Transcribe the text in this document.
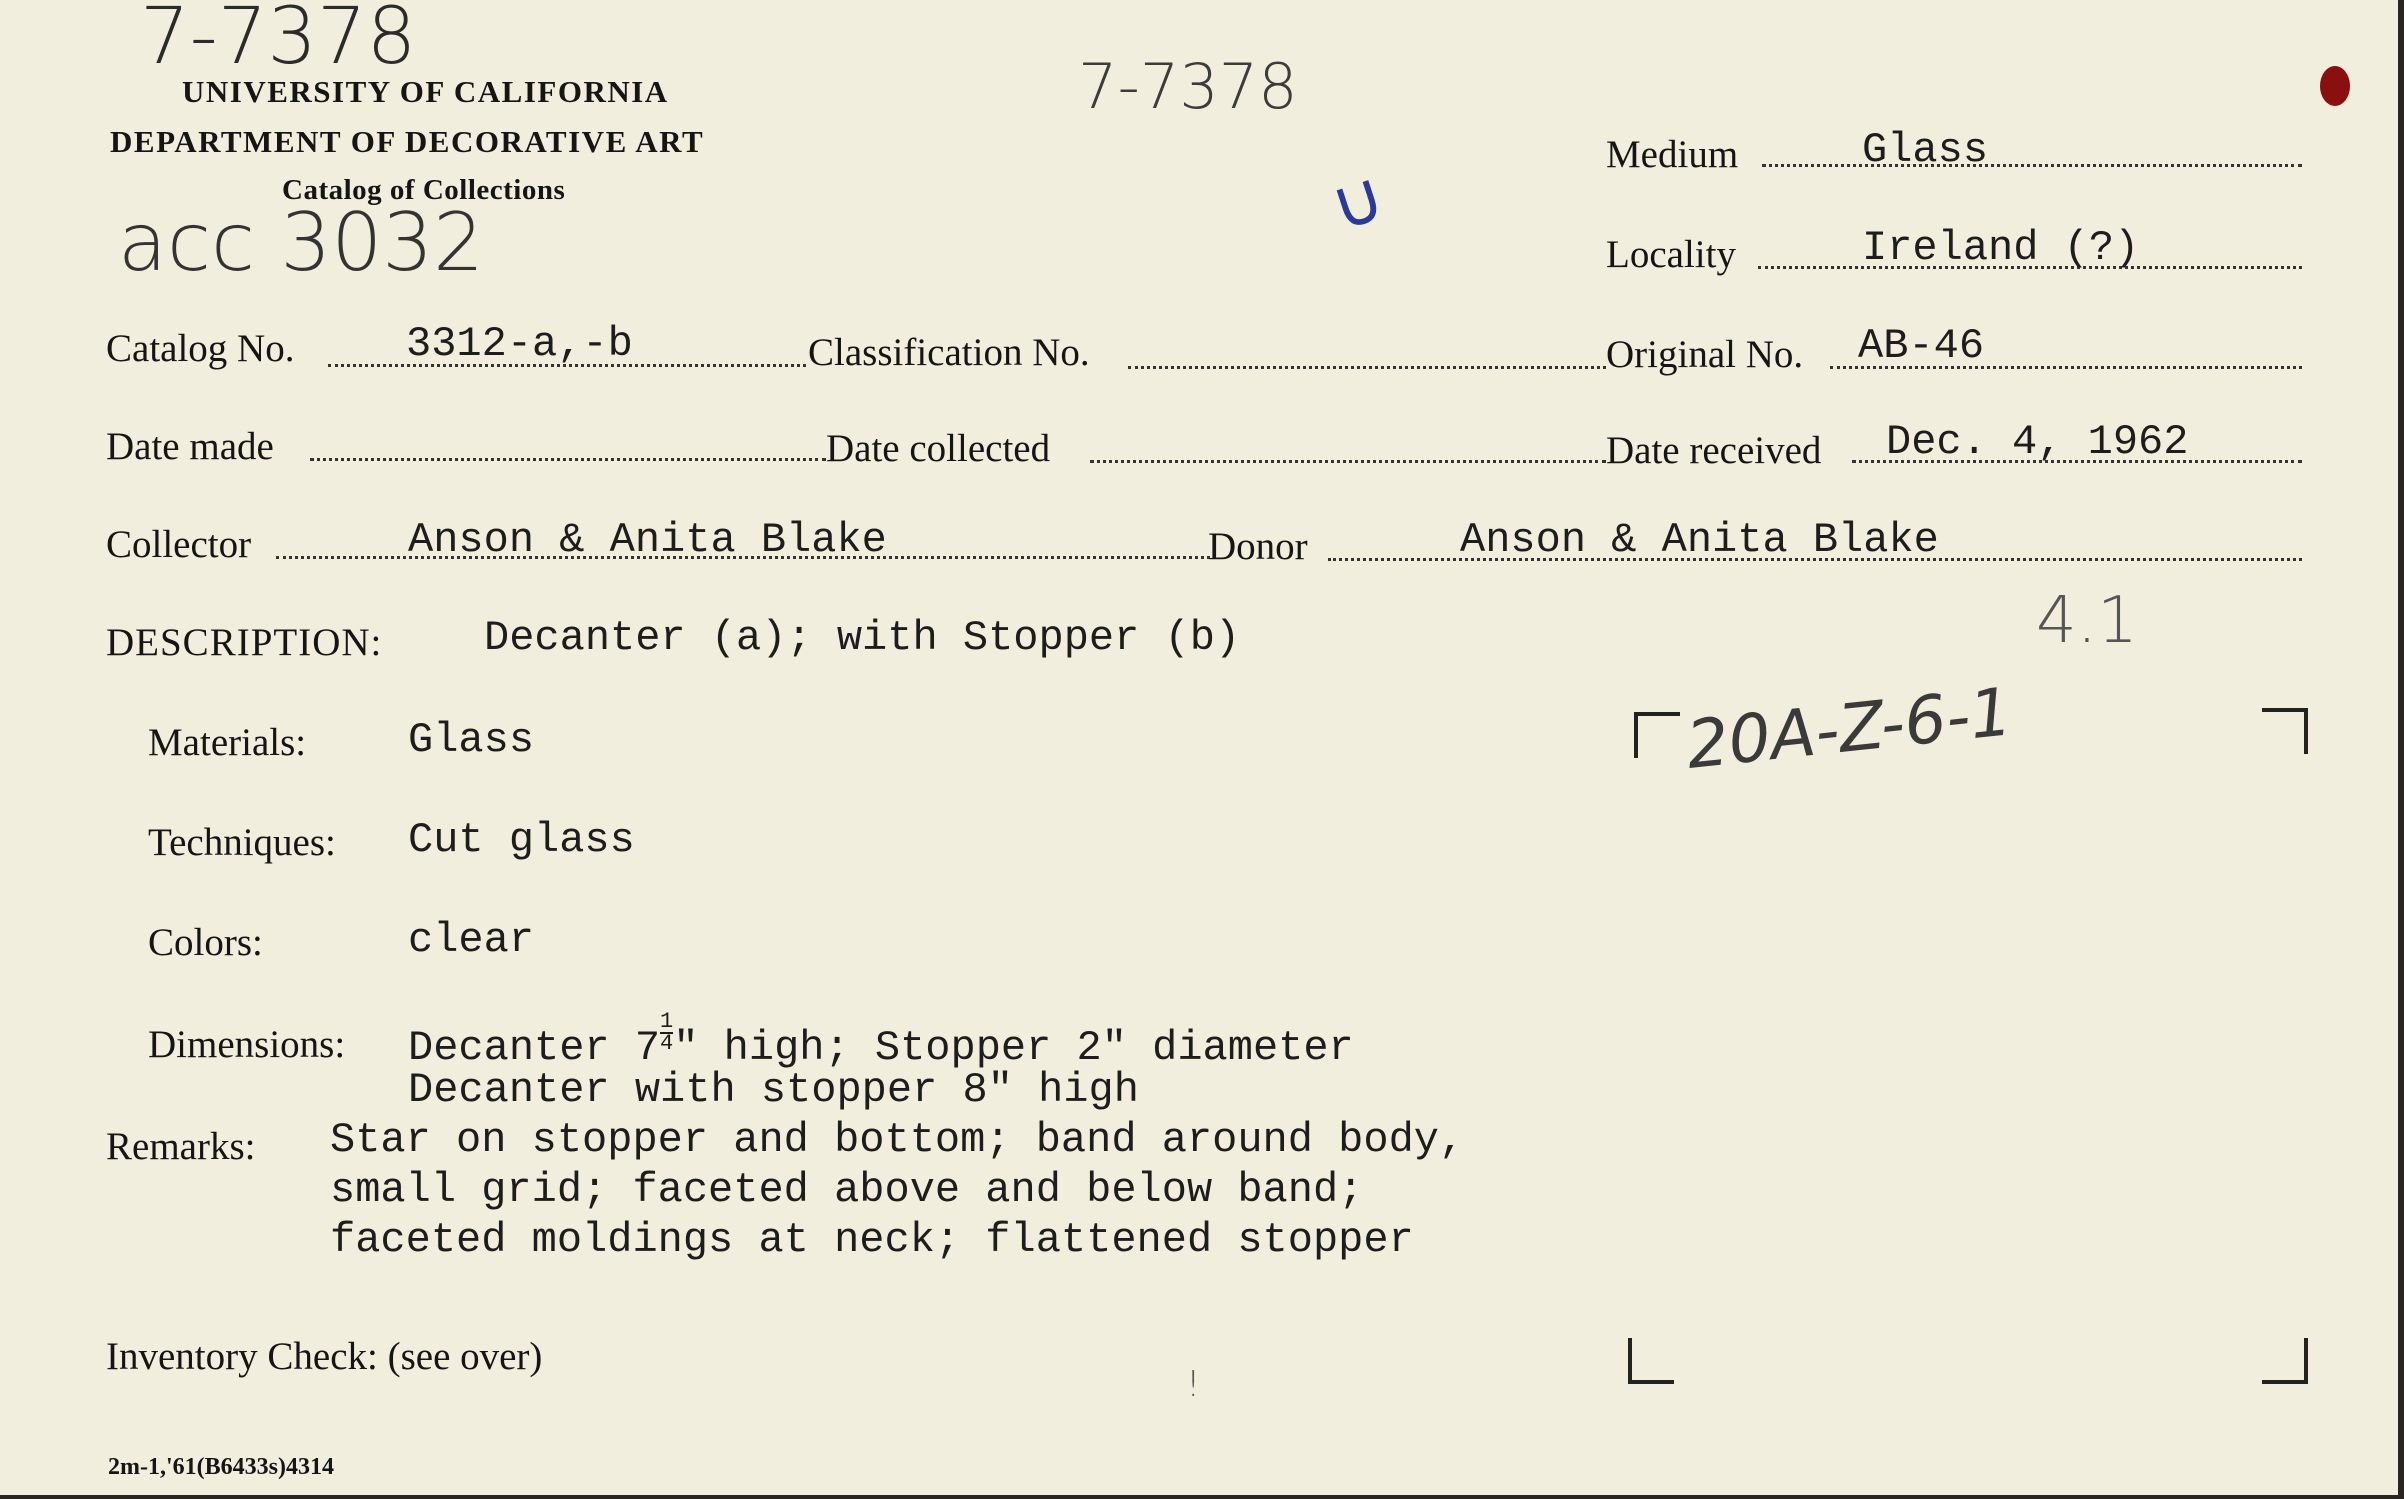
7-7378
UNIVERSITY OF CALIFORNIA
DEPARTMENT OF DECORATIVE ART
Catalog of Collections
acc 3032
7-7378
∪	Medium	Glass
Locality	Ireland (?)
Catalog No.	3312-a,-b	Classification No.	Original No. AB-46
Date made	Date collected	Date received Dec. 4, 1962
Collector	Anson & Anita Blake	Donor	Anson & Anita Blake
4.1
DESCRIPTION: Decanter (a); with Stopper (b)
20A-Z-6-1
Materials: Glass
Techniques: Cut glass
Colors:	clear
Dimensions: Decanter $7 \frac{1}{4}$ " high; Stopper 2" diameter
Decanter with stopper 8" high
Remarks: Star on stopper and bottom; band around body,
small grid; faceted above and below band;
faceted moldings at neck; flattened stopper
Inventory Check: (see over)
!
2m-1,'61(B6433s)4314
